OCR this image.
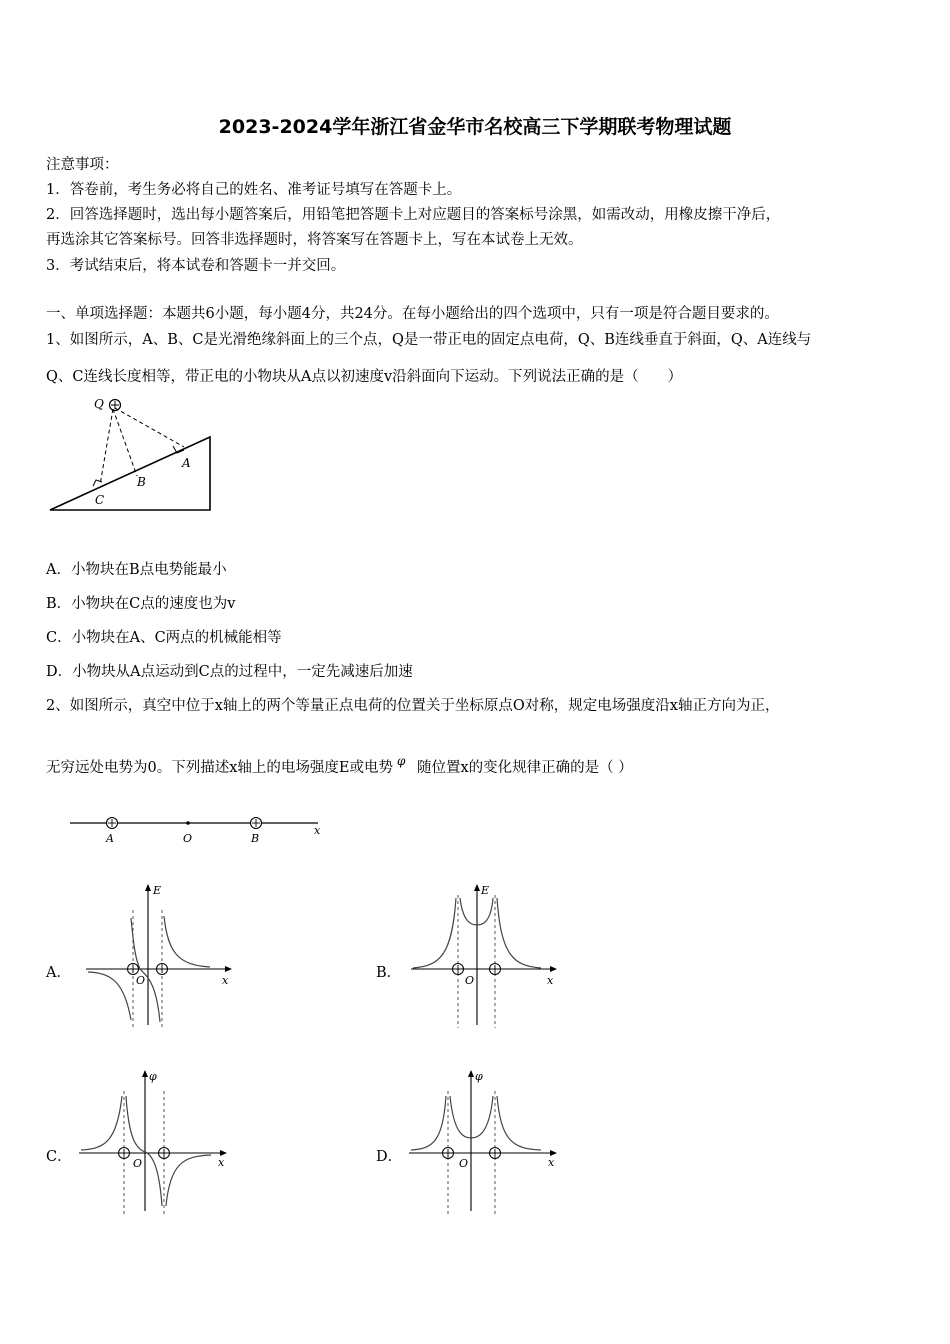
2023-2024学年浙江省金华市名校高三下学期联考物理试题
注意事项：
1．答卷前，考生务必将自己的姓名、准考证号填写在答题卡上。
2．回答选择题时，选出每小题答案后，用铅笔把答题卡上对应题目的答案标号涂黑，如需改动，用橡皮擦干净后，
再选涂其它答案标号。回答非选择题时，将答案写在答题卡上，写在本试卷上无效。
3．考试结束后，将本试卷和答题卡一并交回。
一、单项选择题：本题共6小题，每小题4分，共24分。在每小题给出的四个选项中，只有一项是符合题目要求的。
1、如图所示，A、B、C是光滑绝缘斜面上的三个点，Q是一带正电的固定点电荷，Q、B连线垂直于斜面，Q、A连线与
Q、C连线长度相等，带正电的小物块从A点以初速度v沿斜面向下运动。下列说法正确的是（　　）
Q
A
B
C
A．小物块在B点电势能最小
B．小物块在C点的速度也为v
C．小物块在A、C两点的机械能相等
D．小物块从A点运动到C点的过程中，一定先减速后加速
2、如图所示，真空中位于x轴上的两个等量正点电荷的位置关于坐标原点O对称，规定电场强度沿x轴正方向为正，
无穷远处电势为0。下列描述x轴上的电场强度E或电势 φ 随位置x的变化规律正确的是（ ）
A	O	B
x
A．	B．
C．	D．
E
O	x
E
O	x
φ
O	x
φ
O	x
